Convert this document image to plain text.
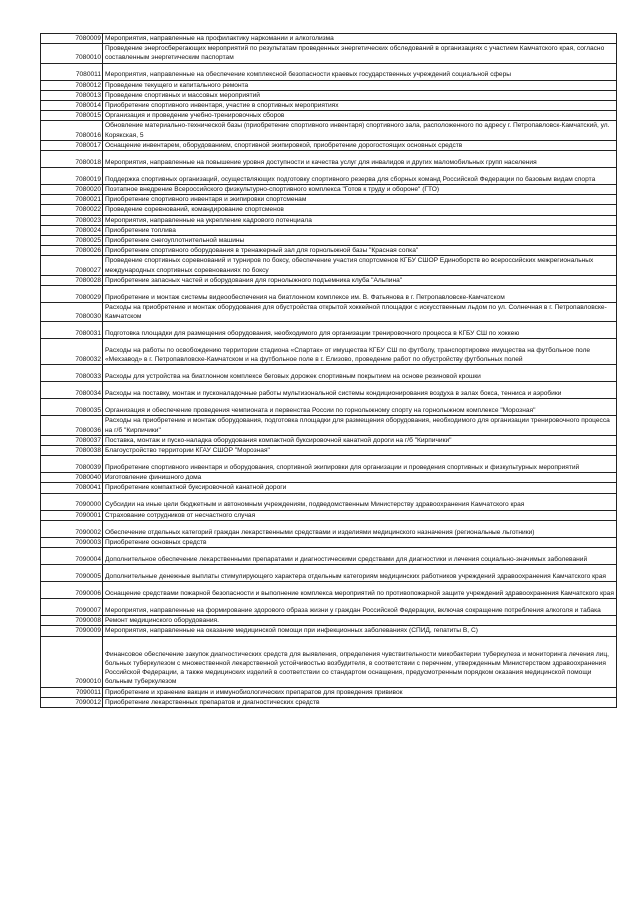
7080009	Мероприятия, направленные на профилактику наркомании и алкоголизма
7080010	Проведение энергосберегающих мероприятий по результатам проведенных энергетических обследований в организациях с участием Камчатского края, согласно составленным энергетическим паспортам
7080011	Мероприятия, направленные на обеспечение комплексной безопасности краевых государственных учреждений социальной сферы
7080012	Проведение текущего и капитального ремонта
7080013	Проведение спортивных и массовых мероприятий
7080014	Приобретение спортивного инвентаря, участие в спортивных мероприятиях
7080015	Организация и проведение учебно-тренировочных сборов
7080016	Обновление материально-технической базы (приобретение спортивного инвентаря) спортивного зала, расположенного по адресу г. Петропавловск-Камчатский, ул. Корякская, 5
7080017	Оснащение инвентарем, оборудованием, спортивной экипировкой, приобретение дорогостоящих основных средств
7080018	Мероприятия, направленные на повышение уровня доступности и качества услуг для инвалидов и других маломобильных групп населения
7080019	Поддержка спортивных организаций, осуществляющих подготовку спортивного резерва для сборных команд Российской Федерации по базовым видам спорта
7080020	Поэтапное внедрение Всероссийского физкультурно-спортивного комплекса "Готов к труду и обороне" (ГТО)
7080021	Приобретение спортивного инвентаря и экипировки спортсменам
7080022	Проведение соревнований, командирование спортсменов
7080023	Мероприятия, направленные на укрепление кадрового потенциала
7080024	Приобретение топлива
7080025	Приобретение снегоуплотнительной машины
7080026	Приобретение спортивного оборудования в тренажерный зал для горнолыжной базы "Красная сопка"
7080027	Проведение спортивных соревнований и турниров по боксу, обеспечение участия спортсменов КГБУ СШОР Единоборств во всероссийских межрегиональных международных спортивных соревнованиях по боксу
7080028	Приобретение запасных частей и оборудования для горнолыжного подъемника клуба "Альпина"
7080029	Приобретение и монтаж системы видеообеспечения на биатлонном комплексе им. В. Фатьянова в г. Петропавловске-Камчатском
7080030	Расходы на приобретение и монтаж оборудования для обустройства открытой хоккейной площадки с искусственным льдом по ул. Солнечная в г. Петропавловске-Камчатском
7080031	Подготовка площадки для размещения оборудования, необходимого для организации тренировочного процесса в КГБУ СШ по хоккею
7080032	Расходы на работы по освобождению территории стадиона «Спартак» от имущества КГБУ СШ по футболу, транспортировке имущества на футбольное поле «Мехзавод» в г. Петропавловске-Камчатском и на футбольное поле в г. Елизово, проведение работ по обустройству футбольных полей
7080033	Расходы для устройства на биатлонном комплексе беговых дорожек спортивным покрытием на основе резиновой крошки
7080034	Расходы на поставку, монтаж и пусконаладочные работы мультизональной системы кондиционирования воздуха в залах бокса, тенниса и аэробики
7080035	Организация и обеспечение проведения чемпионата и первенства России по горнолыжному спорту на горнолыжном комплексе "Морозная"
7080036	Расходы на приобретение и монтаж оборудования, подготовка площадки для размещения оборудования, необходимого для организации тренировочного процесса на г/б "Кирпичики"
7080037	Поставка, монтаж и пуско-наладка оборудования компактной буксировочной канатной дороги на г/б "Кирпичики"
7080038	Благоустройство территории КГАУ СШОР "Морозная"
7080039	Приобретение спортивного инвентаря и оборудования, спортивной экипировки для организации и проведения спортивных и физкультурных мероприятий
7080040	Изготовление финишного дома
7080041	Приобретение компактной буксировочной канатной дороги
7090000	Субсидии на иные цели бюджетным и автономным учреждениям, подведомственным Министерству здравоохранения Камчатского края
7090001	Страхование сотрудников от несчастного случая
7090002	Обеспечение отдельных категорий граждан лекарственными средствами и изделиями медицинского назначения (региональные льготники)
7090003	Приобретение основных средств
7090004	Дополнительное обеспечение лекарственными препаратами и диагностическими средствами для диагностики и лечения социально-значимых заболеваний
7090005	Дополнительные денежные выплаты стимулирующего характера отдельным категориям медицинских работников учреждений здравоохранения Камчатского края
7090006	Оснащение средствами пожарной безопасности и выполнение комплекса мероприятий по противопожарной защите учреждений здравоохранения Камчатского края
7090007	Мероприятия, направленные на формирование здорового образа жизни у граждан Российской Федерации, включая сокращение потребления алкоголя и табака
7090008	Ремонт медицинского оборудования.
7090009	Мероприятия, направленные на оказание медицинской помощи при инфекционных заболеваниях (СПИД, гепатиты В, С)
7090010	Финансовое обеспечение закупок диагностических средств для выявления, определения чувствительности микобактерии туберкулеза и мониторинга лечения лиц, больных туберкулезом с множественной лекарственной устойчивостью возбудителя, в соответствии с перечнем, утвержденным Министерством здравоохранения Российской Федерации, а также медицинских изделий в соответствии со стандартом оснащения, предусмотренным порядком оказания медицинской помощи больным туберкулезом
7090011	Приобретение и хранение вакцин и иммунобиологических препаратов для проведения прививок
7090012	Приобретение лекарственных препаратов и диагностических средств
